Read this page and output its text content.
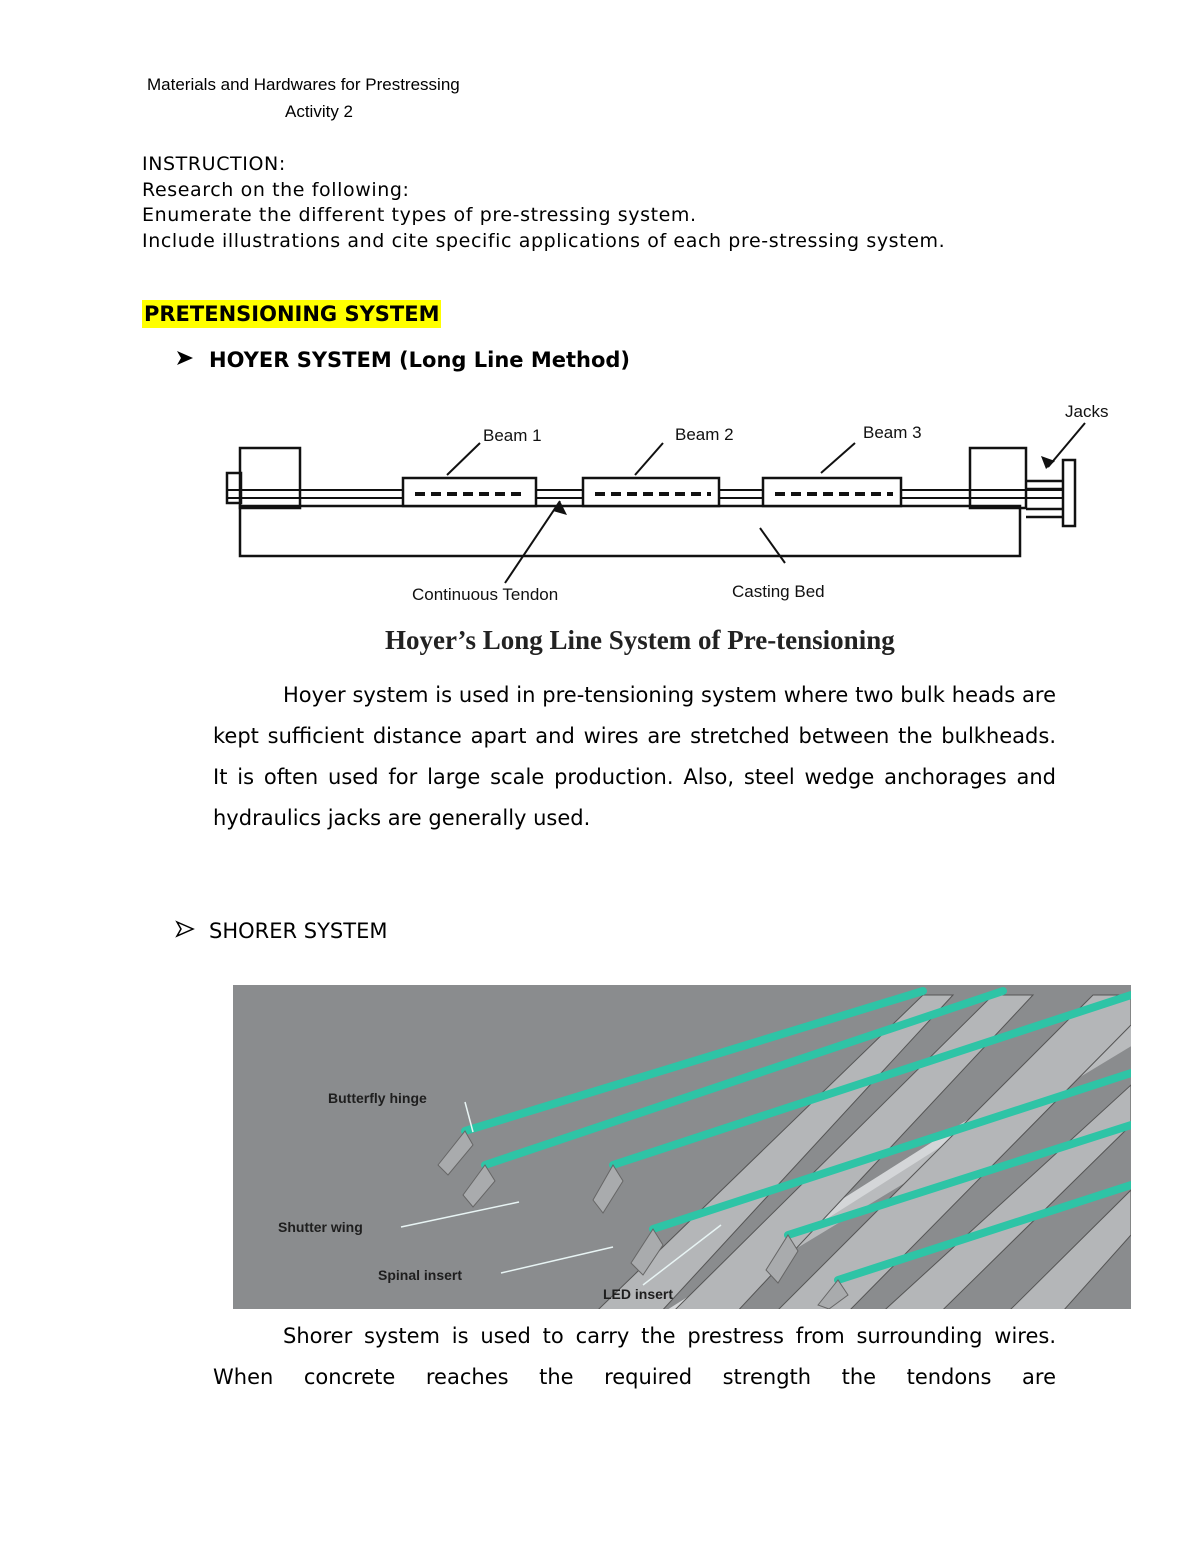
Materials and Hardwares for Prestressing
Activity 2
INSTRUCTION:
Research on the following:
Enumerate the different types of pre-stressing system.
Include illustrations and cite specific applications of each pre-stressing system.
PRETENSIONING SYSTEM
HOYER SYSTEM (Long Line Method)
Beam 1	Beam 2	Beam 3
Jacks
Continuous Tendon	Casting Bed
Hoyer’s Long Line System of Pre-tensioning
Hoyer system is used in pre-tensioning system where two bulk heads are kept sufficient distance apart and wires are stretched between the bulkheads. It is often used for large scale production. Also, steel wedge anchorages and hydraulics jacks are generally used.
SHORER SYSTEM
Butterfly hinge
Shutter wing
Spinal insert
LED insert
Shorer system is used to carry the prestress from surrounding wires. When concrete reaches the required strength the tendons are
